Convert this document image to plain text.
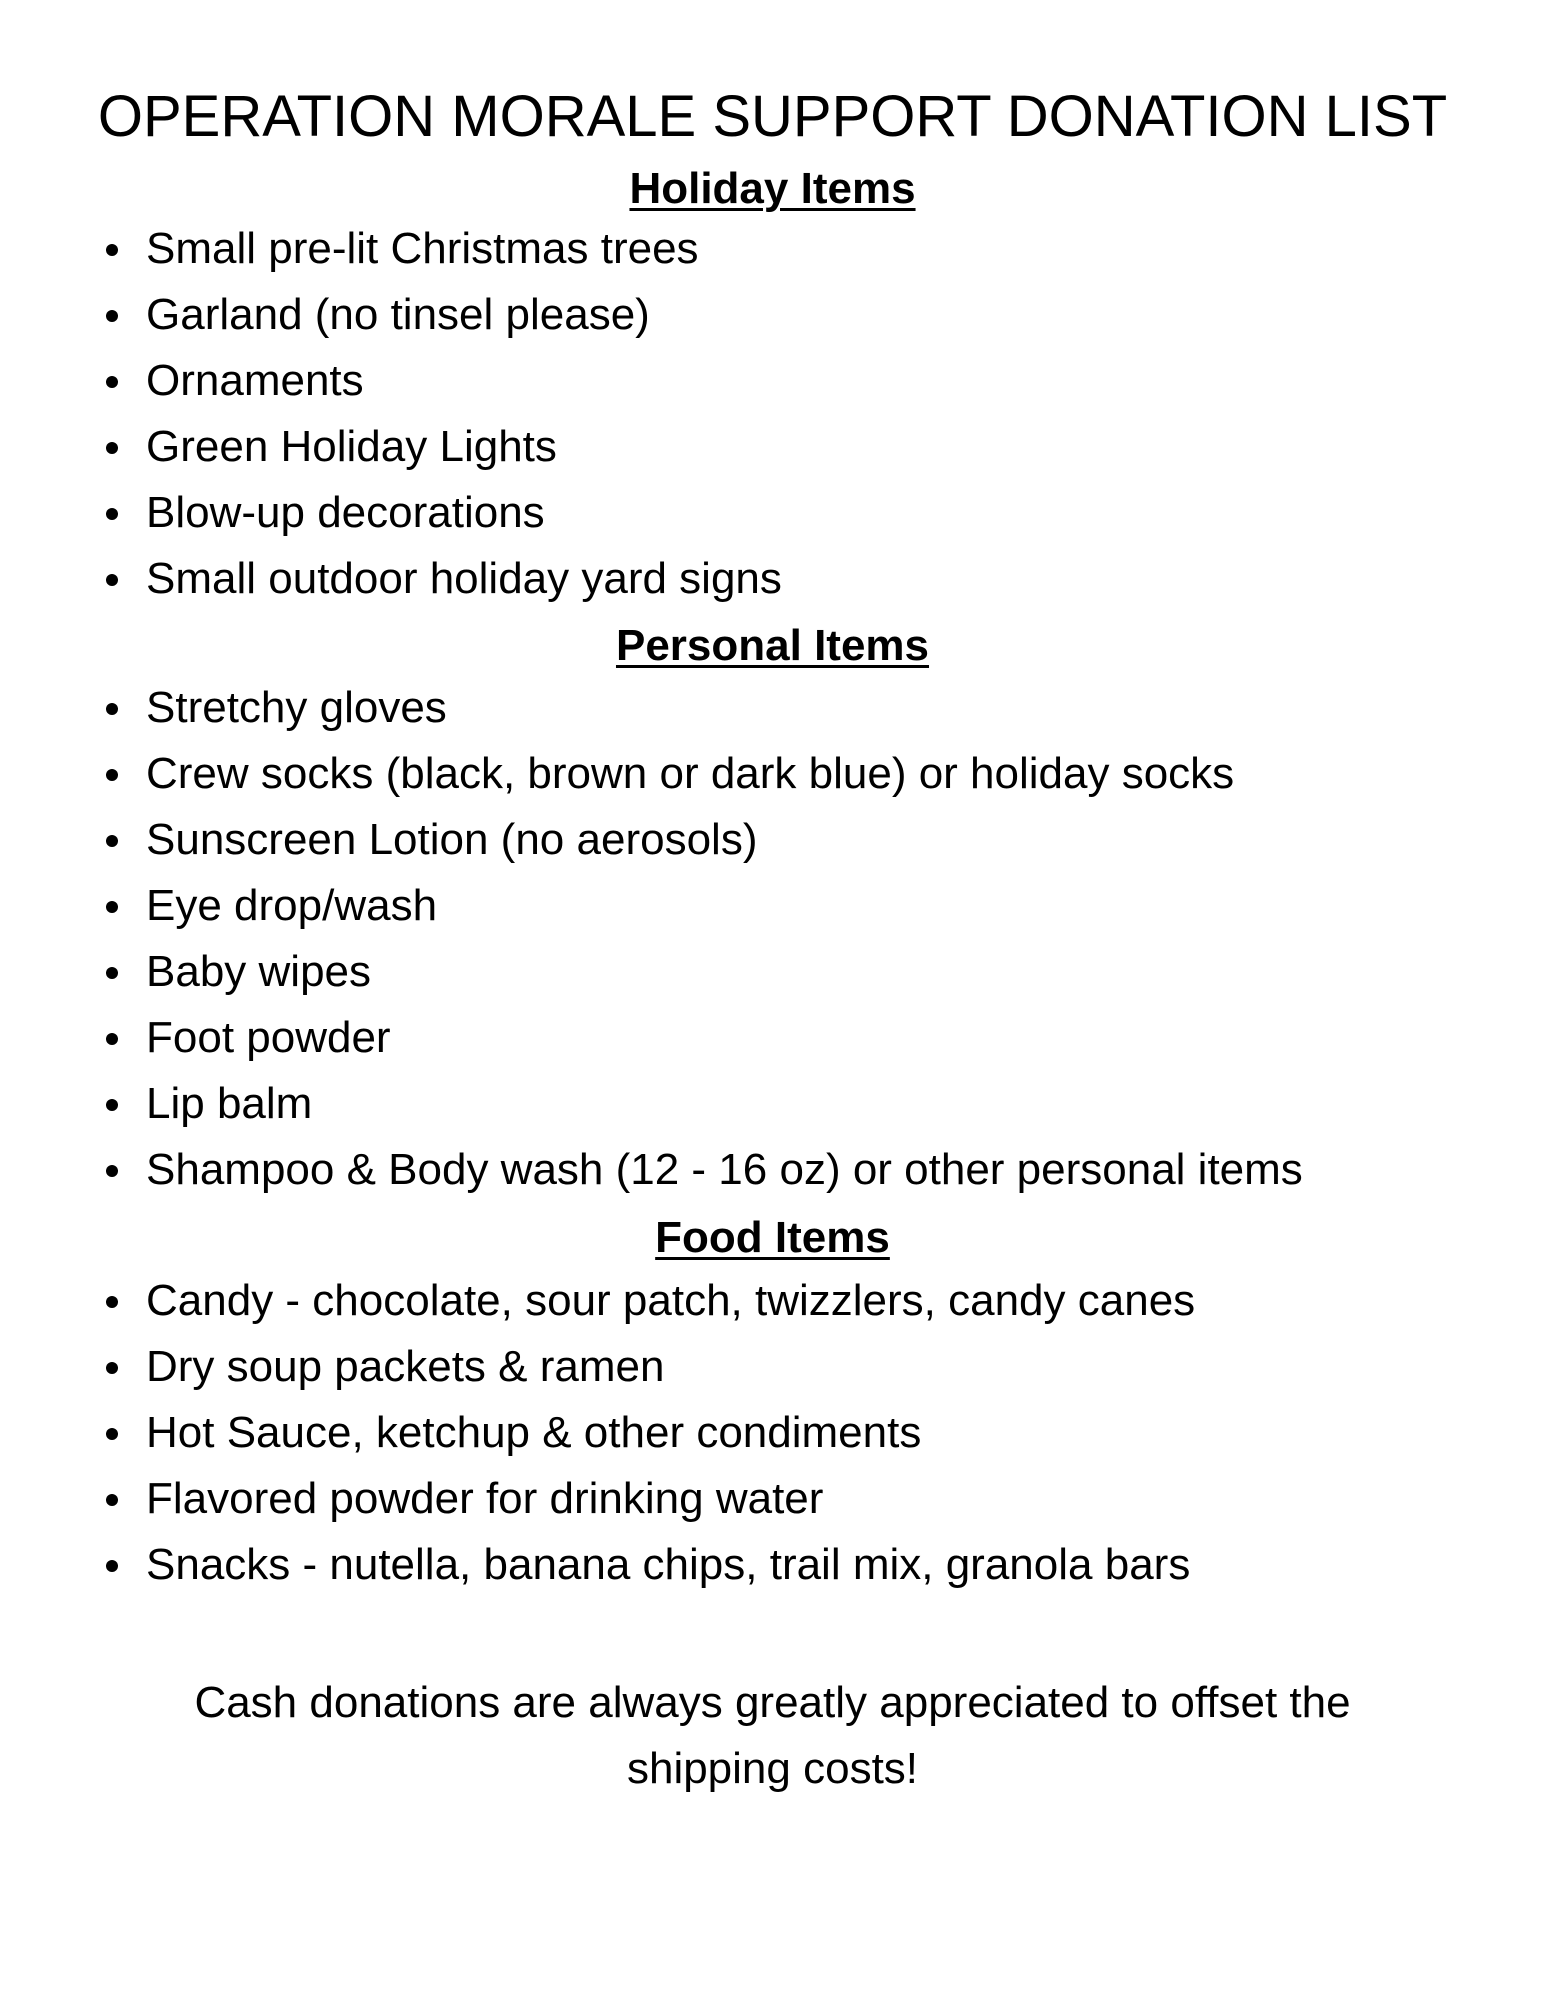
OPERATION MORALE SUPPORT DONATION LIST
Holiday Items
Small pre-lit Christmas trees
Garland (no tinsel please)
Ornaments
Green Holiday Lights
Blow-up decorations
Small outdoor holiday yard signs
Personal Items
Stretchy gloves
Crew socks (black, brown or dark blue) or holiday socks
Sunscreen Lotion (no aerosols)
Eye drop/wash
Baby wipes
Foot powder
Lip balm
Shampoo & Body wash (12 - 16 oz) or other personal items
Food Items
Candy - chocolate, sour patch, twizzlers, candy canes
Dry soup packets & ramen
Hot Sauce, ketchup & other condiments
Flavored powder for drinking water
Snacks - nutella, banana chips, trail mix, granola bars

Cash donations are always greatly appreciated to offset the shipping costs!
